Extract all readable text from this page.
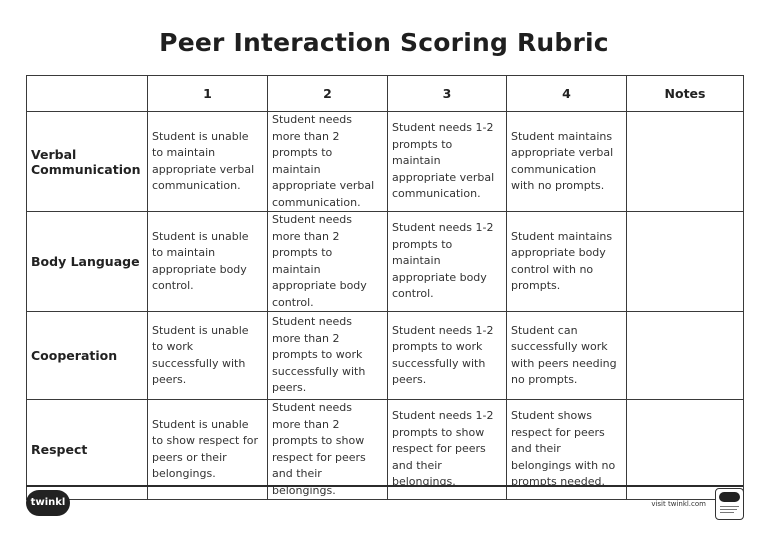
Peer Interaction Scoring Rubric
	1	2	3	4	Notes
Verbal Communication	Student is unable to maintain appropriate verbal communication.	Student needs more than 2 prompts to maintain appropriate verbal communication.	Student needs 1-2 prompts to maintain appropriate verbal communication.	Student maintains appropriate verbal communication with no prompts.	
Body Language	Student is unable to maintain appropriate body control.	Student needs more than 2 prompts to maintain appropriate body control.	Student needs 1-2 prompts to maintain appropriate body control.	Student maintains appropriate body control with no prompts.	
Cooperation	Student is unable to work successfully with peers.	Student needs more than 2 prompts to work successfully with peers.	Student needs 1-2 prompts to work successfully with peers.	Student can successfully work with peers needing no prompts.	
Respect	Student is unable to show respect for peers or their belongings.	Student needs more than 2 prompts to show respect for peers and their belongings.	Student needs 1-2 prompts to show respect for peers and their belongings.	Student shows respect for peers and their belongings with no prompts needed.	
twinkl	visit twinkl.com
